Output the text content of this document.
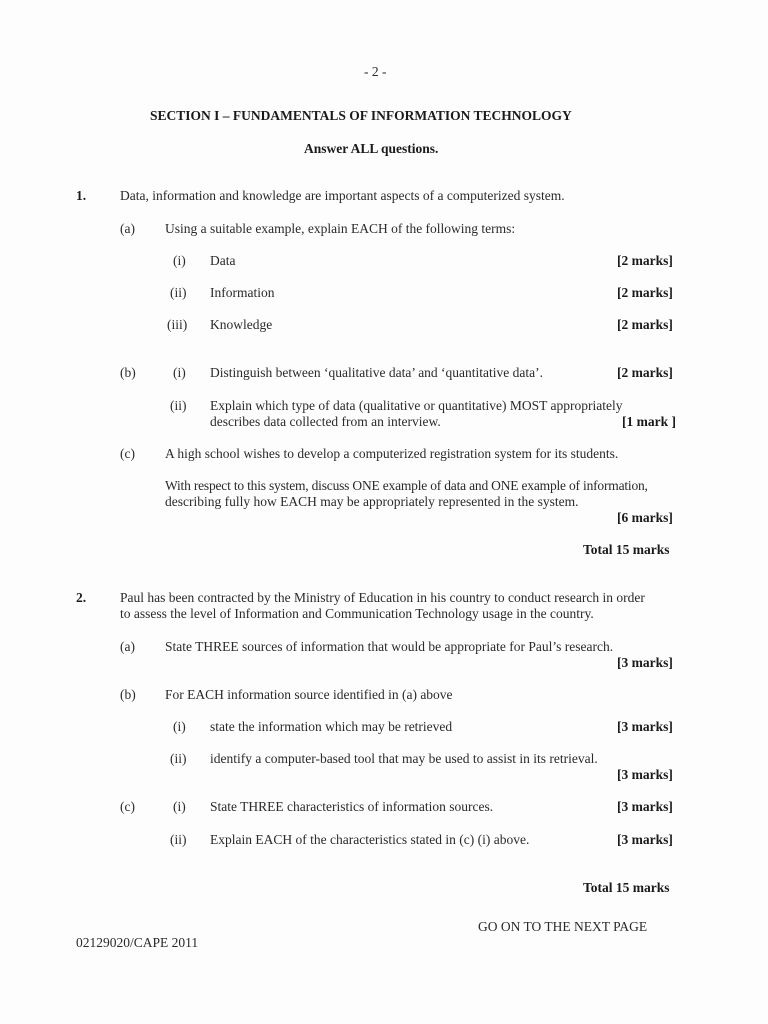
- 2 -
SECTION I – FUNDAMENTALS OF INFORMATION TECHNOLOGY
Answer ALL questions.
1.	Data, information and knowledge are important aspects of a computerized system.
(a) Using a suitable example, explain EACH of the following terms:
(i) Data	[2 marks]
(ii) Information	[2 marks]
(iii) Knowledge	[2 marks]
(b)	(i) Distinguish between ‘qualitative data’ and ‘quantitative data’.	[2 marks]
(ii) Explain which type of data (qualitative or quantitative) MOST appropriately
describes data collected from an interview.	[1 mark ]
(c) A high school wishes to develop a computerized registration system for its students.
With respect to this system, discuss ONE example of data and ONE example of information,
describing fully how EACH may be appropriately represented in the system.
[6 marks]
Total 15 marks
2.	Paul has been contracted by the Ministry of Education in his country to conduct research in order
to assess the level of Information and Communication Technology usage in the country.
(a) State THREE sources of information that would be appropriate for Paul’s research.
[3 marks]
(b) For EACH information source identified in (a) above
(i) state the information which may be retrieved	[3 marks]
(ii) identify a computer-based tool that may be used to assist in its retrieval.
[3 marks]
(c)	(i) State THREE characteristics of information sources.	[3 marks]
(ii) Explain EACH of the characteristics stated in (c) (i) above.	[3 marks]
Total 15 marks
GO ON TO THE NEXT PAGE
02129020/CAPE 2011
